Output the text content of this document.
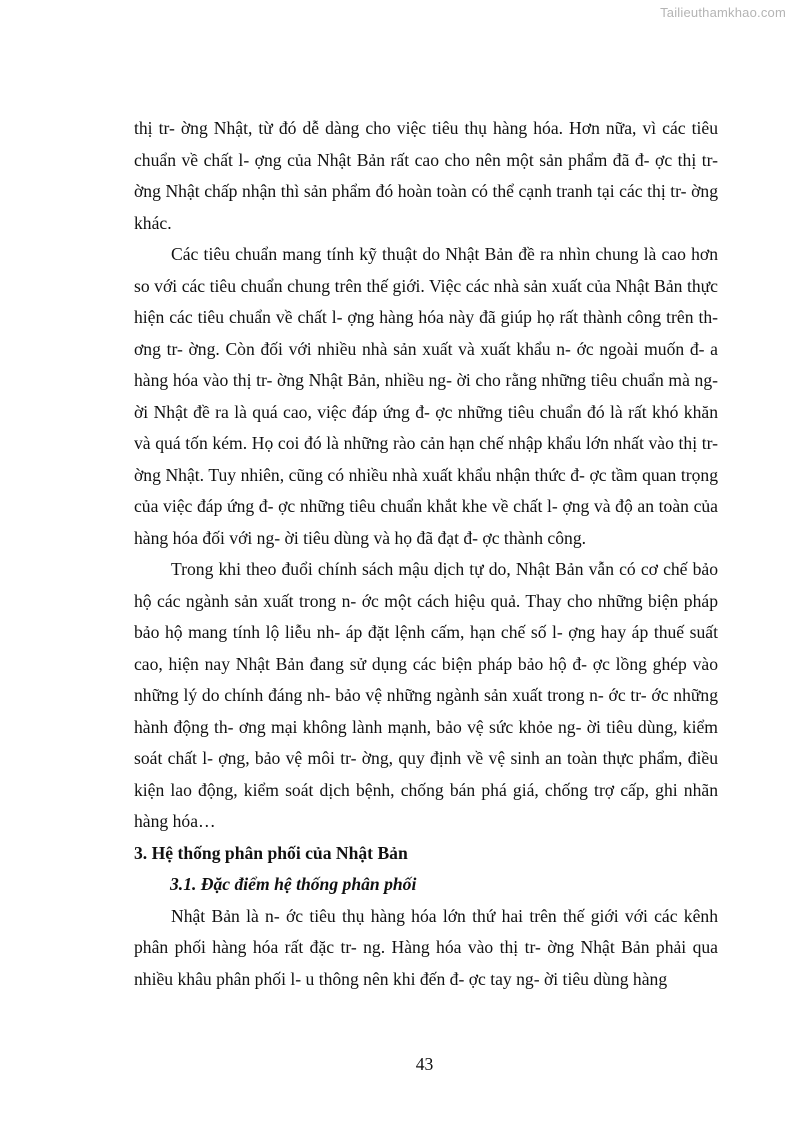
Tailieuthamkhao.com

thị tr- ờng Nhật, từ đó dễ dàng cho việc tiêu thụ hàng hóa. Hơn nữa, vì các tiêu chuẩn về chất l- ợng của Nhật Bản rất cao cho nên một sản phẩm đã đ- ợc thị tr- ờng Nhật chấp nhận thì sản phẩm đó hoàn toàn có thể cạnh tranh tại các thị tr- ờng khác.

Các tiêu chuẩn mang tính kỹ thuật do Nhật Bản đề ra nhìn chung là cao hơn so với các tiêu chuẩn chung trên thế giới. Việc các nhà sản xuất của Nhật Bản thực hiện các tiêu chuẩn về chất l- ợng hàng hóa này đã giúp họ rất thành công trên th- ơng tr- ờng. Còn đối với nhiều nhà sản xuất và xuất khẩu n- ớc ngoài muốn đ- a hàng hóa vào thị tr- ờng Nhật Bản, nhiều ng- ời cho rằng những tiêu chuẩn mà ng- ời Nhật đề ra là quá cao, việc đáp ứng đ- ợc những tiêu chuẩn đó là rất khó khăn và quá tốn kém. Họ coi đó là những rào cản hạn chế nhập khẩu lớn nhất vào thị tr- ờng Nhật. Tuy nhiên, cũng có nhiều nhà xuất khẩu nhận thức đ- ợc tầm quan trọng của việc đáp ứng đ- ợc những tiêu chuẩn khắt khe về chất l- ợng và độ an toàn của hàng hóa đối với ng- ời tiêu dùng và họ đã đạt đ- ợc thành công.

Trong khi theo đuổi chính sách mậu dịch tự do, Nhật Bản vẫn có cơ chế bảo hộ các ngành sản xuất trong n- ớc một cách hiệu quả. Thay cho những biện pháp bảo hộ mang tính lộ liễu nh- áp đặt lệnh cấm, hạn chế số l- ợng hay áp thuế suất cao, hiện nay Nhật Bản đang sử dụng các biện pháp bảo hộ đ- ợc lồng ghép vào những lý do chính đáng nh- bảo vệ những ngành sản xuất trong n- ớc tr- ớc những hành động th- ơng mại không lành mạnh, bảo vệ sức khỏe ng- ời tiêu dùng, kiểm soát chất l- ợng, bảo vệ môi tr- ờng, quy định về vệ sinh an toàn thực phẩm, điều kiện lao động, kiểm soát dịch bệnh, chống bán phá giá, chống trợ cấp, ghi nhãn hàng hóa…

3. Hệ thống phân phối của Nhật Bản

3.1. Đặc điểm hệ thống phân phối

Nhật Bản là n- ớc tiêu thụ hàng hóa lớn thứ hai trên thế giới với các kênh phân phối hàng hóa rất đặc tr- ng. Hàng hóa vào thị tr- ờng Nhật Bản phải qua nhiều khâu phân phối l- u thông nên khi đến đ- ợc tay ng- ời tiêu dùng hàng

43
